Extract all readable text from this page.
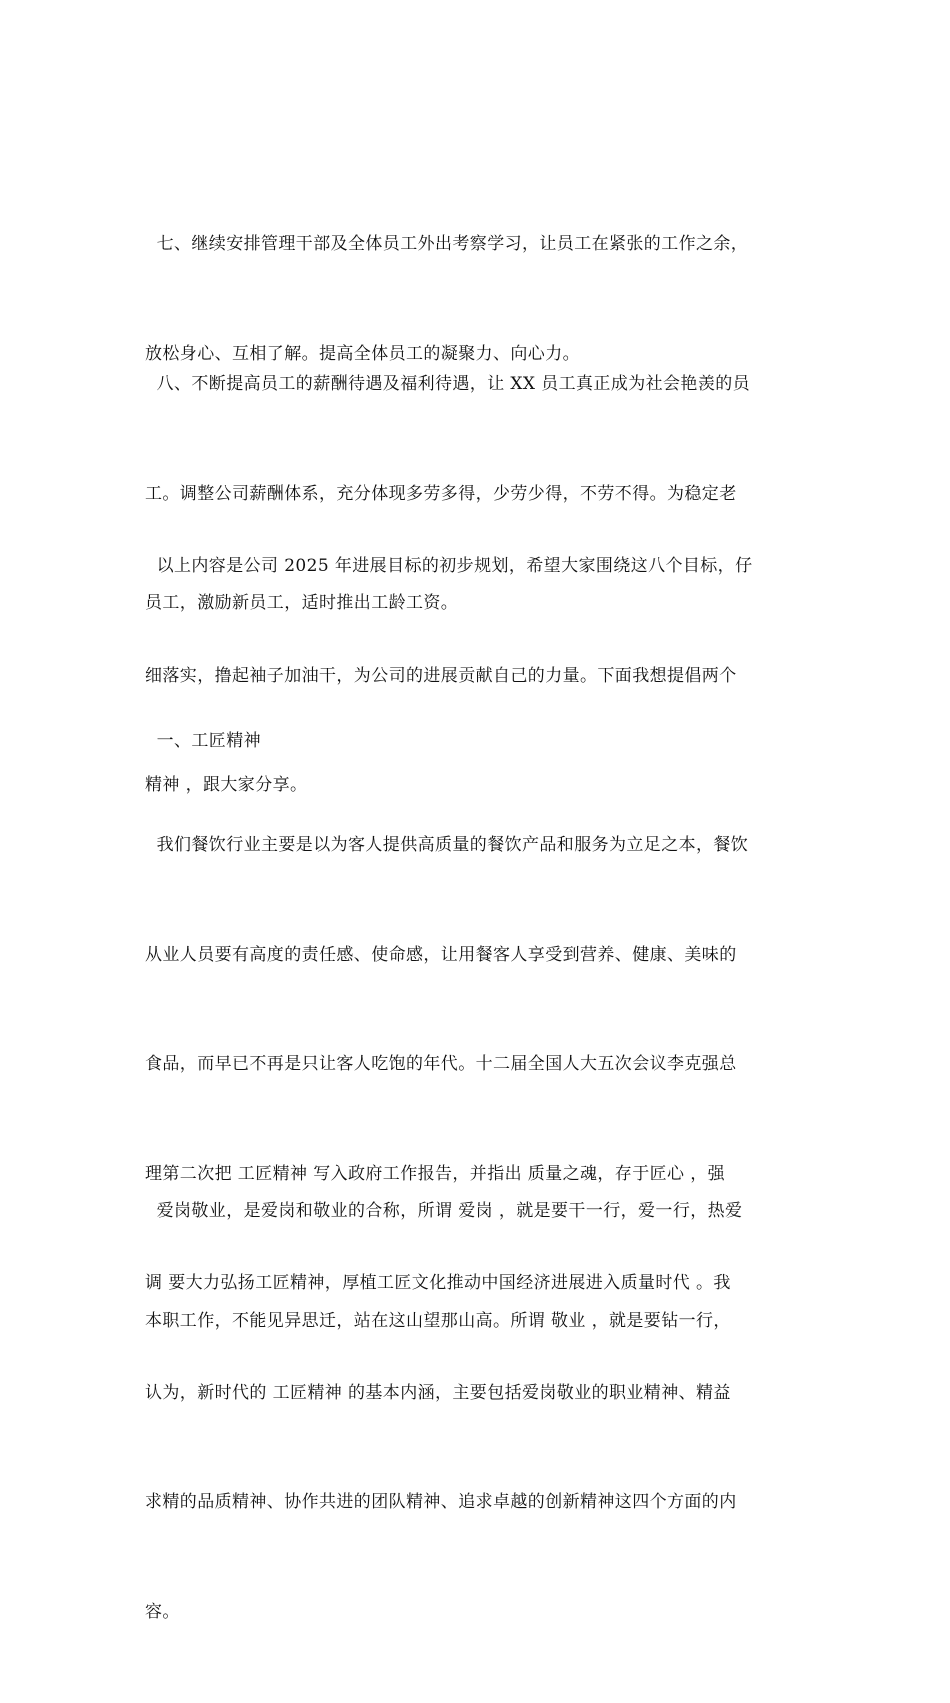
七、继续安排管理干部及全体员工外出考察学习，让员工在紧张的工作之余，

放松身心、互相了解。提高全体员工的凝聚力、向心力。

八、不断提高员工的薪酬待遇及福利待遇，让 XX 员工真正成为社会艳羡的员

工。调整公司薪酬体系，充分体现多劳多得，少劳少得，不劳不得。为稳定老

员工，激励新员工，适时推出工龄工资。

以上内容是公司 2025 年进展目标的初步规划，希望大家围绕这八个目标，仔

细落实，撸起袖子加油干，为公司的进展贡献自己的力量。下面我想提倡两个

精神 ，跟大家分享。

一、工匠精神

我们餐饮行业主要是以为客人提供高质量的餐饮产品和服务为立足之本，餐饮

从业人员要有高度的责任感、使命感，让用餐客人享受到营养、健康、美味的

食品，而早已不再是只让客人吃饱的年代。十二届全国人大五次会议李克强总

理第二次把 工匠精神 写入政府工作报告，并指出 质量之魂，存于匠心 ，强

调 要大力弘扬工匠精神，厚植工匠文化推动中国经济进展进入质量时代 。我

认为，新时代的 工匠精神 的基本内涵，主要包括爱岗敬业的职业精神、精益

求精的品质精神、协作共进的团队精神、追求卓越的创新精神这四个方面的内

容。

爱岗敬业，是爱岗和敬业的合称，所谓 爱岗 ，就是要干一行，爱一行，热爱

本职工作，不能见异思迁，站在这山望那山高。所谓 敬业 ，就是要钻一行，
